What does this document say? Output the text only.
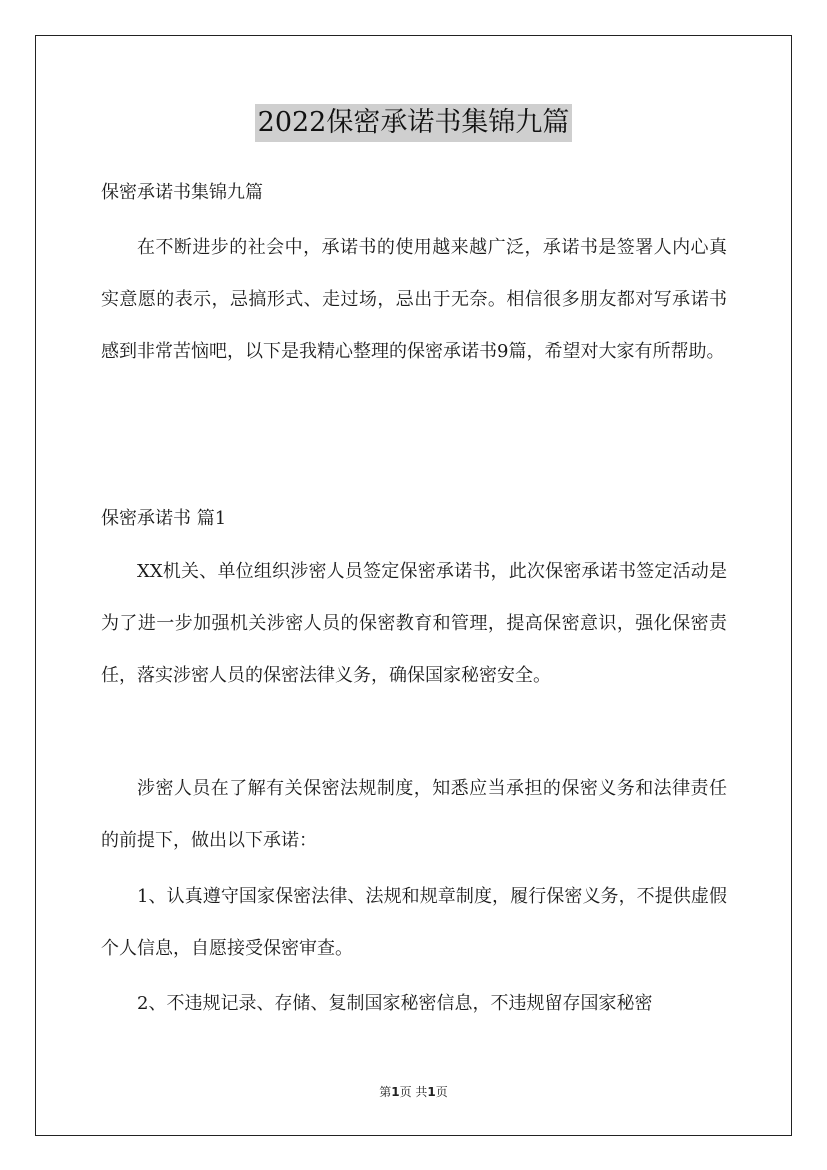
2022保密承诺书集锦九篇

保密承诺书集锦九篇

在不断进步的社会中，承诺书的使用越来越广泛，承诺书是签署人内心真实意愿的表示，忌搞形式、走过场，忌出于无奈。相信很多朋友都对写承诺书感到非常苦恼吧，以下是我精心整理的保密承诺书9篇，希望对大家有所帮助。

保密承诺书 篇1

XX机关、单位组织涉密人员签定保密承诺书，此次保密承诺书签定活动是为了进一步加强机关涉密人员的保密教育和管理，提高保密意识，强化保密责任，落实涉密人员的保密法律义务，确保国家秘密安全。

涉密人员在了解有关保密法规制度，知悉应当承担的保密义务和法律责任的前提下，做出以下承诺：

1、认真遵守国家保密法律、法规和规章制度，履行保密义务，不提供虚假个人信息，自愿接受保密审查。

2、不违规记录、存储、复制国家秘密信息，不违规留存国家秘密

第1页 共1页
